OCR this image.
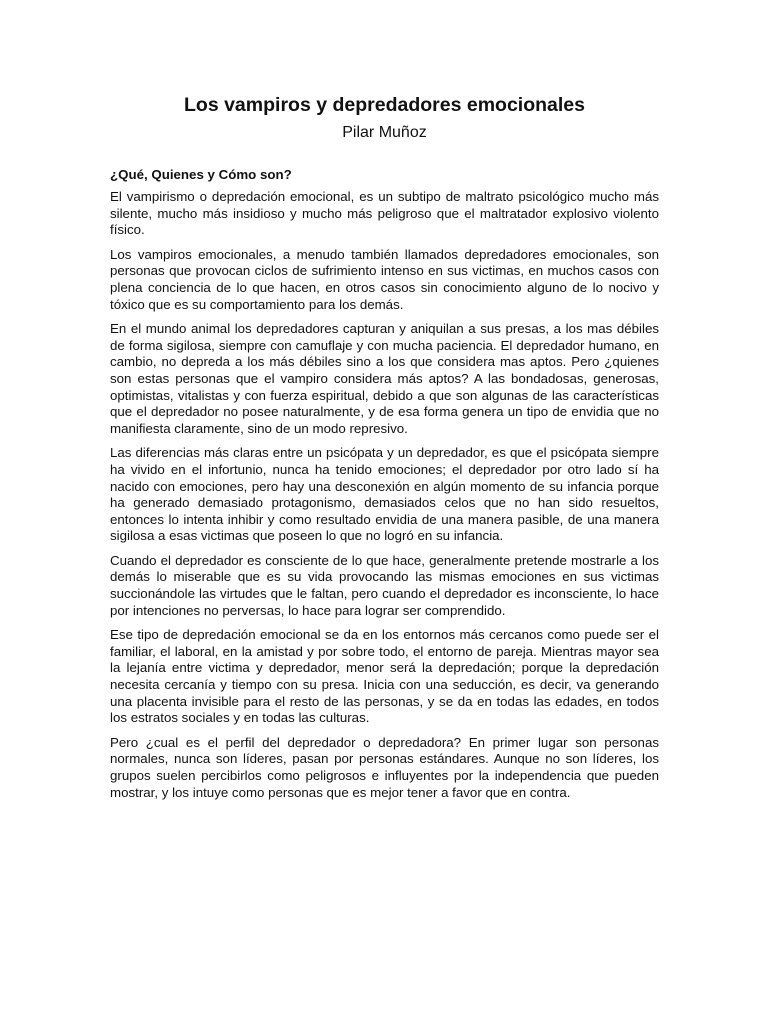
Los vampiros y depredadores emocionales
Pilar Muñoz
¿Qué, Quienes y Cómo son?

El vampirismo o depredación emocional, es un subtipo de maltrato psicológico mucho más silente, mucho más insidioso y mucho más peligroso que el maltratador explosivo violento físico.

Los vampiros emocionales, a menudo también llamados depredadores emocionales, son personas que provocan ciclos de sufrimiento intenso en sus victimas, en muchos casos con plena conciencia de lo que hacen, en otros casos sin conocimiento alguno de lo nocivo y tóxico que es su comportamiento para los demás.

En el mundo animal los depredadores capturan y aniquilan a sus presas, a los mas débiles de forma sigilosa, siempre con camuflaje y con mucha paciencia. El depredador humano, en cambio, no depreda a los más débiles sino a los que considera mas aptos. Pero ¿quienes son estas personas que el vampiro considera más aptos? A las bondadosas, generosas, optimistas, vitalistas y con fuerza espiritual, debido a que son algunas de las características que el depredador no posee naturalmente, y de esa forma genera un tipo de envidia que no manifiesta claramente, sino de un modo represivo.

Las diferencias más claras entre un psicópata y un depredador, es que el psicópata siempre ha vivido en el infortunio, nunca ha tenido emociones; el depredador por otro lado sí ha nacido con emociones, pero hay una desconexión en algún momento de su infancia porque ha generado demasiado protagonismo, demasiados celos que no han sido resueltos, entonces lo intenta inhibir y como resultado envidia de una manera pasible, de una manera sigilosa a esas victimas que poseen lo que no logró en su infancia.

Cuando el depredador es consciente de lo que hace, generalmente pretende mostrarle a los demás lo miserable que es su vida provocando las mismas emociones en sus victimas succionándole las virtudes que le faltan, pero cuando el depredador es inconsciente, lo hace por intenciones no perversas, lo hace para lograr ser comprendido.

Ese tipo de depredación emocional se da en los entornos más cercanos como puede ser el familiar, el laboral, en la amistad y por sobre todo, el entorno de pareja. Mientras mayor sea la lejanía entre victima y depredador, menor será la depredación; porque la depredación necesita cercanía y tiempo con su presa. Inicia con una seducción, es decir, va generando una placenta invisible para el resto de las personas, y se da en todas las edades, en todos los estratos sociales y en todas las culturas.

Pero ¿cual es el perfil del depredador o depredadora? En primer lugar son personas normales, nunca son líderes, pasan por personas estándares. Aunque no son líderes, los grupos suelen percibirlos como peligrosos e influyentes por la independencia que pueden mostrar, y los intuye como personas que es mejor tener a favor que en contra.
